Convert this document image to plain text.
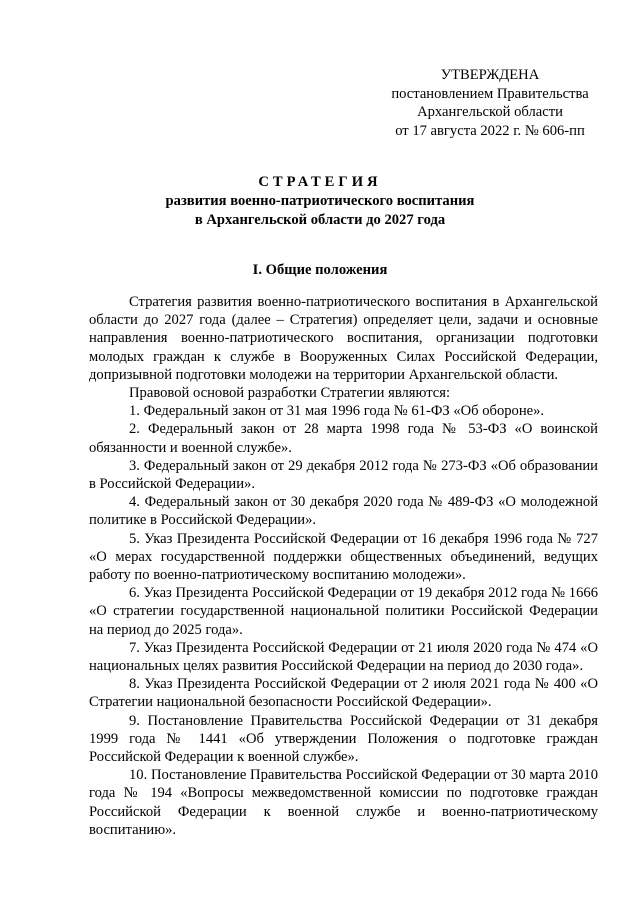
УТВЕРЖДЕНА
постановлением Правительства
Архангельской области
от 17 августа 2022 г. № 606-пп
СТРАТЕГИЯ
развития военно-патриотического воспитания
в Архангельской области до 2027 года
I. Общие положения

Стратегия развития военно-патриотического воспитания в Архангельской области до 2027 года (далее – Стратегия) определяет цели, задачи и основные направления военно-патриотического воспитания, организации подготовки молодых граждан к службе в Вооруженных Силах Российской Федерации, допризывной подготовки молодежи на территории Архангельской области.

Правовой основой разработки Стратегии являются:

1. Федеральный закон от 31 мая 1996 года № 61-ФЗ «Об обороне».

2. Федеральный закон от 28 марта 1998 года № 53-ФЗ «О воинской обязанности и военной службе».

3. Федеральный закон от 29 декабря 2012 года № 273-ФЗ «Об образовании в Российской Федерации».

4. Федеральный закон от 30 декабря 2020 года № 489-ФЗ «О молодежной политике в Российской Федерации».

5. Указ Президента Российской Федерации от 16 декабря 1996 года № 727 «О мерах государственной поддержки общественных объединений, ведущих работу по военно-патриотическому воспитанию молодежи».

6. Указ Президента Российской Федерации от 19 декабря 2012 года № 1666 «О стратегии государственной национальной политики Российской Федерации на период до 2025 года».

7. Указ Президента Российской Федерации от 21 июля 2020 года № 474 «О национальных целях развития Российской Федерации на период до 2030 года».

8. Указ Президента Российской Федерации от 2 июля 2021 года № 400 «О Стратегии национальной безопасности Российской Федерации».

9. Постановление Правительства Российской Федерации от 31 декабря 1999 года № 1441 «Об утверждении Положения о подготовке граждан Российской Федерации к военной службе».

10. Постановление Правительства Российской Федерации от 30 марта 2010 года № 194 «Вопросы межведомственной комиссии по подготовке граждан Российской Федерации к военной службе и военно-патриотическому воспитанию».
